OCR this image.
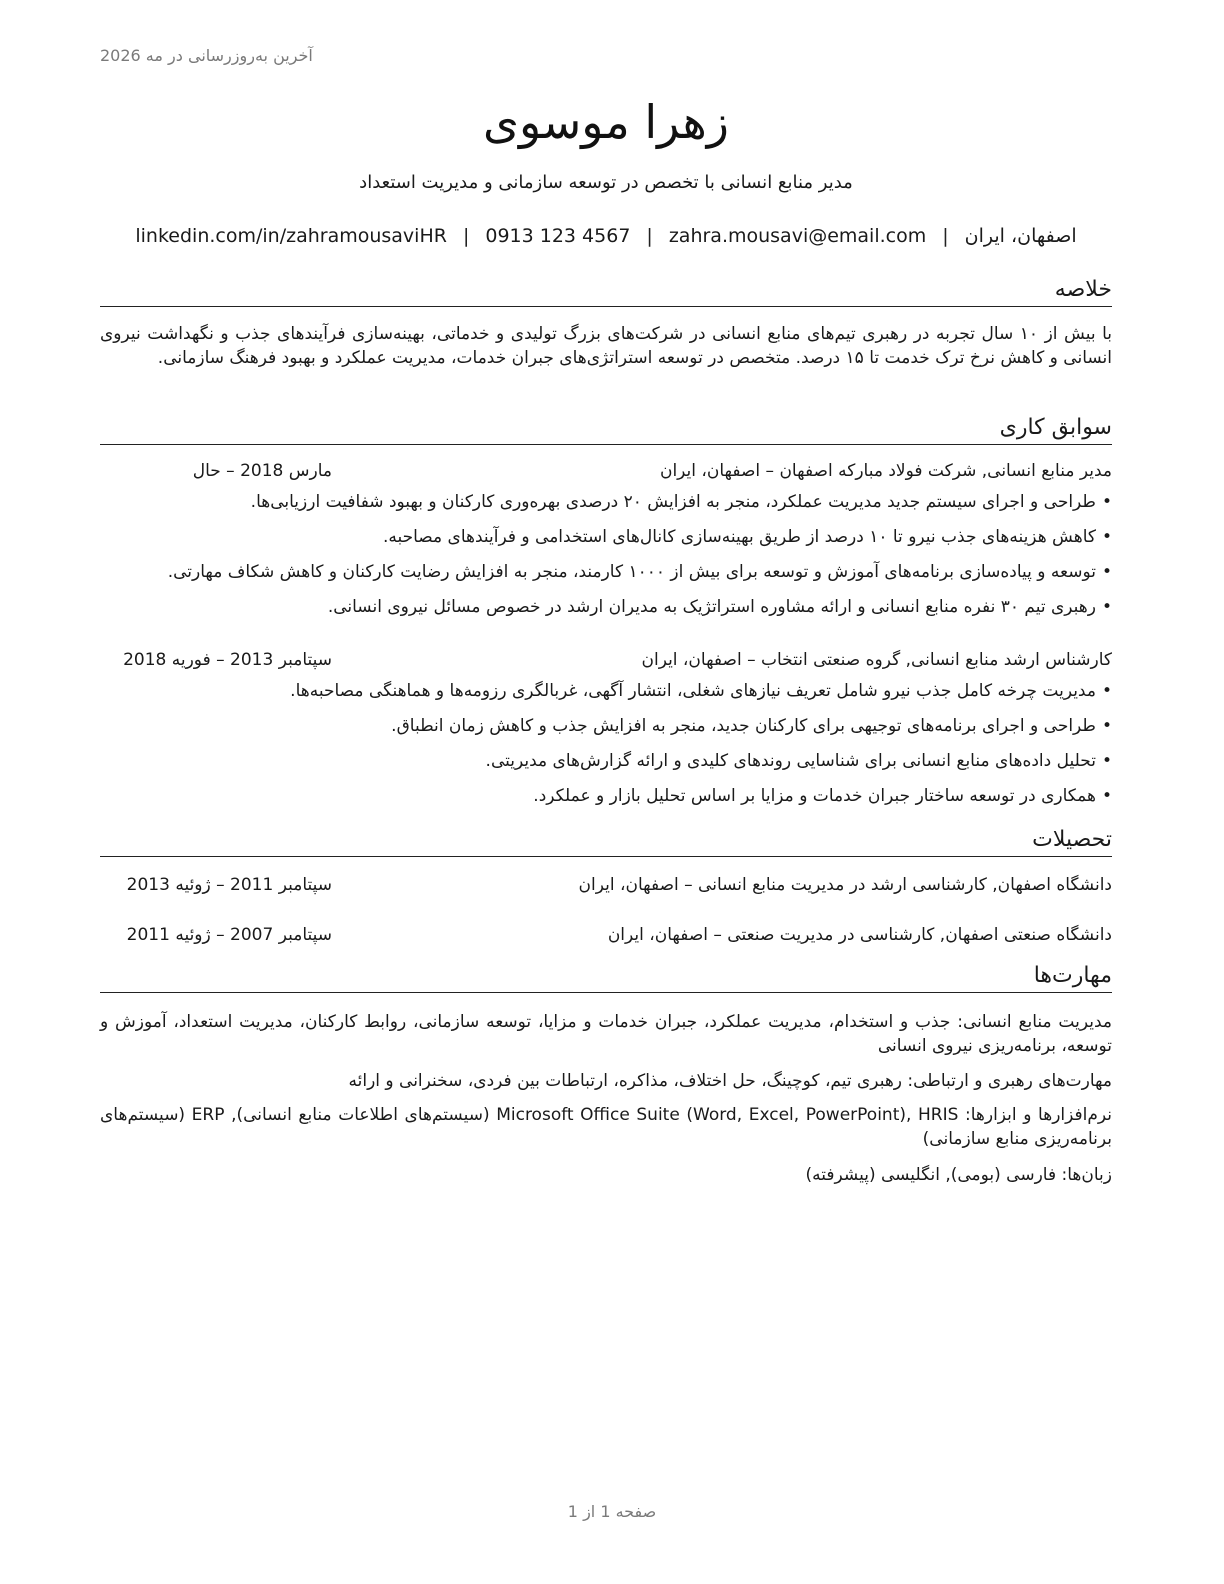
آخرین به‌روزرسانی در مه 2026
زهرا موسوی
مدیر منابع انسانی با تخصص در توسعه سازمانی و مدیریت استعداد
اصفهان، ایران
|
zahra.mousavi@email.com
|
0913 123 4567
|
linkedin.com/in/zahramousaviHR
خلاصه
با بیش از ۱۰ سال تجربه در رهبری تیم‌های منابع انسانی در شرکت‌های بزرگ تولیدی و خدماتی، بهینه‌سازی فرآیندهای جذب و نگهداشت نیروی انسانی و کاهش نرخ ترک خدمت تا ۱۵ درصد. متخصص در توسعه استراتژی‌های جبران خدمات، مدیریت عملکرد و بهبود فرهنگ سازمانی.
سوابق کاری
مدیر منابع انسانی, شرکت فولاد مبارکه اصفهان – اصفهان، ایران
مارس 2018 – حال
•طراحی و اجرای سیستم جدید مدیریت عملکرد، منجر به افزایش ۲۰ درصدی بهره‌وری کارکنان و بهبود شفافیت ارزیابی‌ها.
•کاهش هزینه‌های جذب نیرو تا ۱۰ درصد از طریق بهینه‌سازی کانال‌های استخدامی و فرآیندهای مصاحبه.
•توسعه و پیاده‌سازی برنامه‌های آموزش و توسعه برای بیش از ۱۰۰۰ کارمند، منجر به افزایش رضایت کارکنان و کاهش شکاف مهارتی.
•رهبری تیم ۳۰ نفره منابع انسانی و ارائه مشاوره استراتژیک به مدیران ارشد در خصوص مسائل نیروی انسانی.
کارشناس ارشد منابع انسانی, گروه صنعتی انتخاب – اصفهان، ایران
سپتامبر 2013 – فوریه 2018
•مدیریت چرخه کامل جذب نیرو شامل تعریف نیازهای شغلی، انتشار آگهی، غربالگری رزومه‌ها و هماهنگی مصاحبه‌ها.
•طراحی و اجرای برنامه‌های توجیهی برای کارکنان جدید، منجر به افزایش جذب و کاهش زمان انطباق.
•تحلیل داده‌های منابع انسانی برای شناسایی روندهای کلیدی و ارائه گزارش‌های مدیریتی.
•همکاری در توسعه ساختار جبران خدمات و مزایا بر اساس تحلیل بازار و عملکرد.
تحصیلات
دانشگاه اصفهان, کارشناسی ارشد در مدیریت منابع انسانی – اصفهان، ایران
سپتامبر 2011 – ژوئیه 2013
دانشگاه صنعتی اصفهان, کارشناسی در مدیریت صنعتی – اصفهان، ایران
سپتامبر 2007 – ژوئیه 2011
مهارت‌ها
مدیریت منابع انسانی: جذب و استخدام، مدیریت عملکرد، جبران خدمات و مزایا، توسعه سازمانی، روابط کارکنان، مدیریت استعداد، آموزش و توسعه، برنامه‌ریزی نیروی انسانی
مهارت‌های رهبری و ارتباطی: رهبری تیم، کوچینگ، حل اختلاف، مذاکره، ارتباطات بین فردی، سخنرانی و ارائه
نرم‌افزارها و ابزارها: Microsoft Office Suite (Word, Excel, PowerPoint), HRIS (سیستم‌های اطلاعات منابع انسانی), ERP (سیستم‌های برنامه‌ریزی منابع سازمانی)
زبان‌ها: فارسی (بومی), انگلیسی (پیشرفته)
صفحه 1 از 1
